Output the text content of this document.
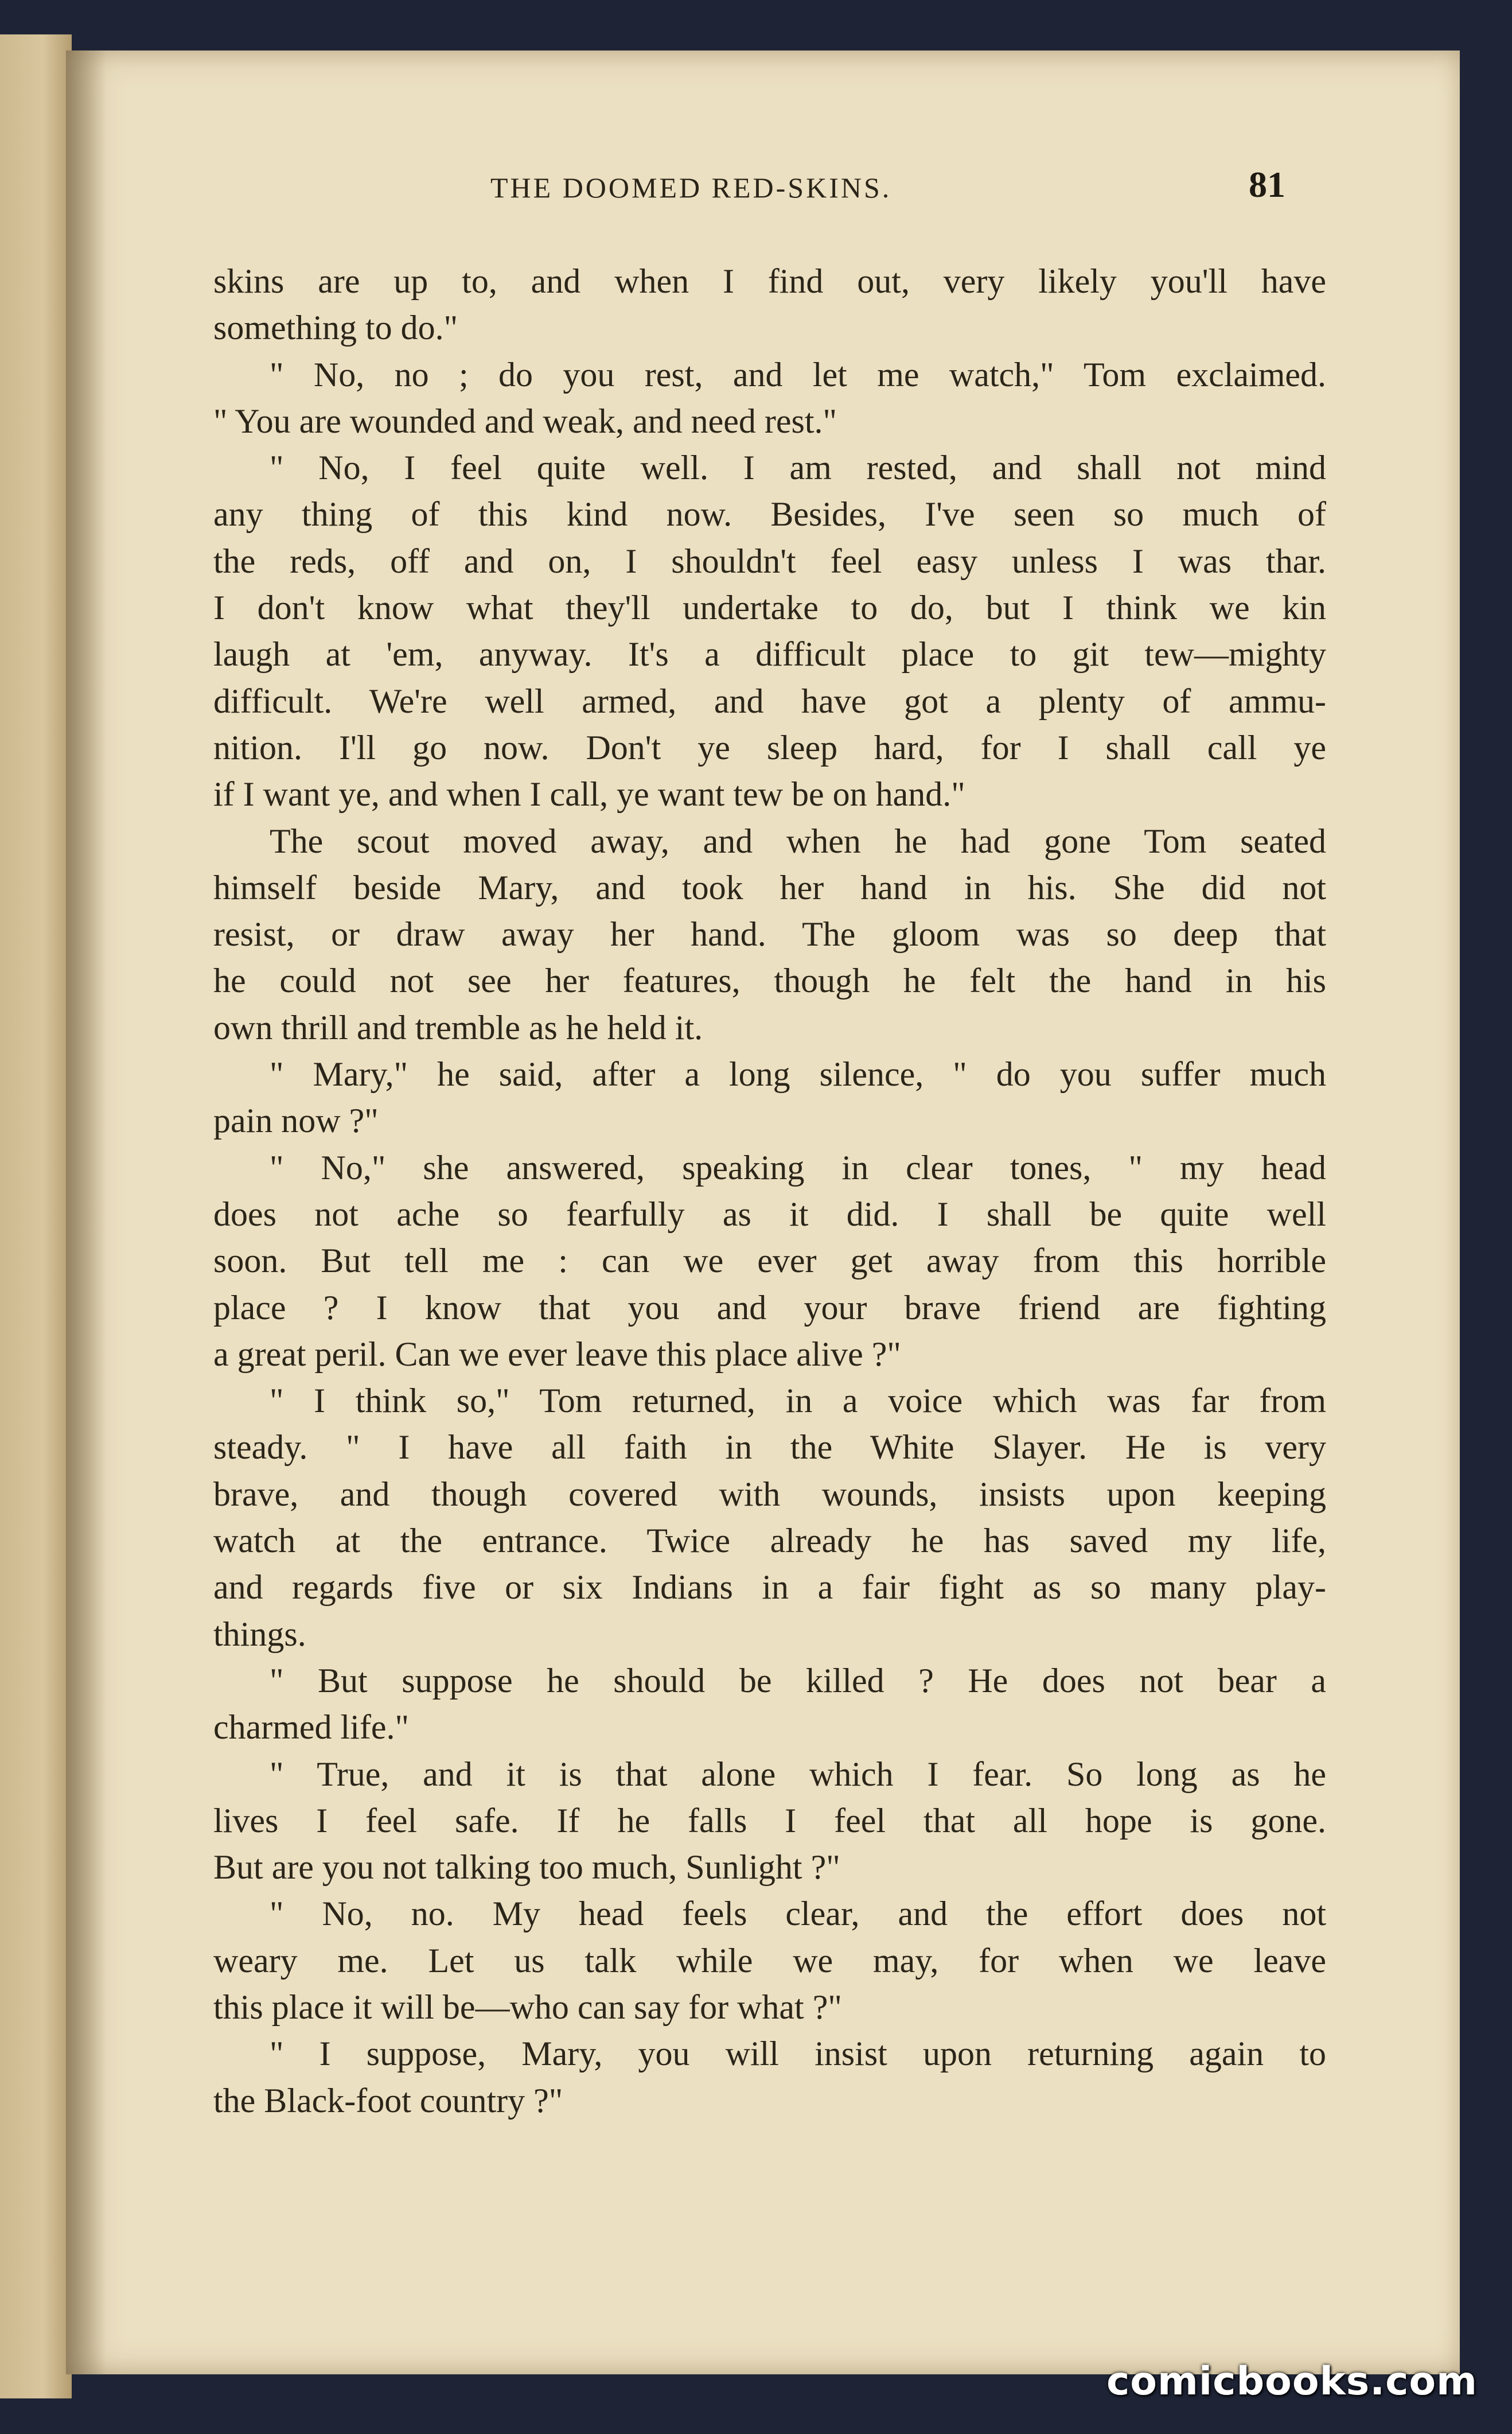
THE DOOMED RED-SKINS.	81
skins are up to, and when I find out, very likely you'll have
something to do."
" No, no ; do you rest, and let me watch," Tom exclaimed.
" You are wounded and weak, and need rest."
" No, I feel quite well. I am rested, and shall not mind
any thing of this kind now. Besides, I've seen so much of
the reds, off and on, I shouldn't feel easy unless I was thar.
I don't know what they'll undertake to do, but I think we kin
laugh at 'em, anyway. It's a difficult place to git tew—mighty
difficult. We're well armed, and have got a plenty of ammu-
nition. I'll go now. Don't ye sleep hard, for I shall call ye
if I want ye, and when I call, ye want tew be on hand."
The scout moved away, and when he had gone Tom seated
himself beside Mary, and took her hand in his. She did not
resist, or draw away her hand. The gloom was so deep that
he could not see her features, though he felt the hand in his
own thrill and tremble as he held it.
" Mary," he said, after a long silence, " do you suffer much
pain now ?"
" No," she answered, speaking in clear tones, " my head
does not ache so fearfully as it did. I shall be quite well
soon. But tell me : can we ever get away from this horrible
place ? I know that you and your brave friend are fighting
a great peril. Can we ever leave this place alive ?"
" I think so," Tom returned, in a voice which was far from
steady. " I have all faith in the White Slayer. He is very
brave, and though covered with wounds, insists upon keeping
watch at the entrance. Twice already he has saved my life,
and regards five or six Indians in a fair fight as so many play-
things.
" But suppose he should be killed ? He does not bear a
charmed life."
" True, and it is that alone which I fear. So long as he
lives I feel safe. If he falls I feel that all hope is gone.
But are you not talking too much, Sunlight ?"
" No, no. My head feels clear, and the effort does not
weary me. Let us talk while we may, for when we leave
this place it will be—who can say for what ?"
" I suppose, Mary, you will insist upon returning again to
the Black-foot country ?"
comicbooks.com
